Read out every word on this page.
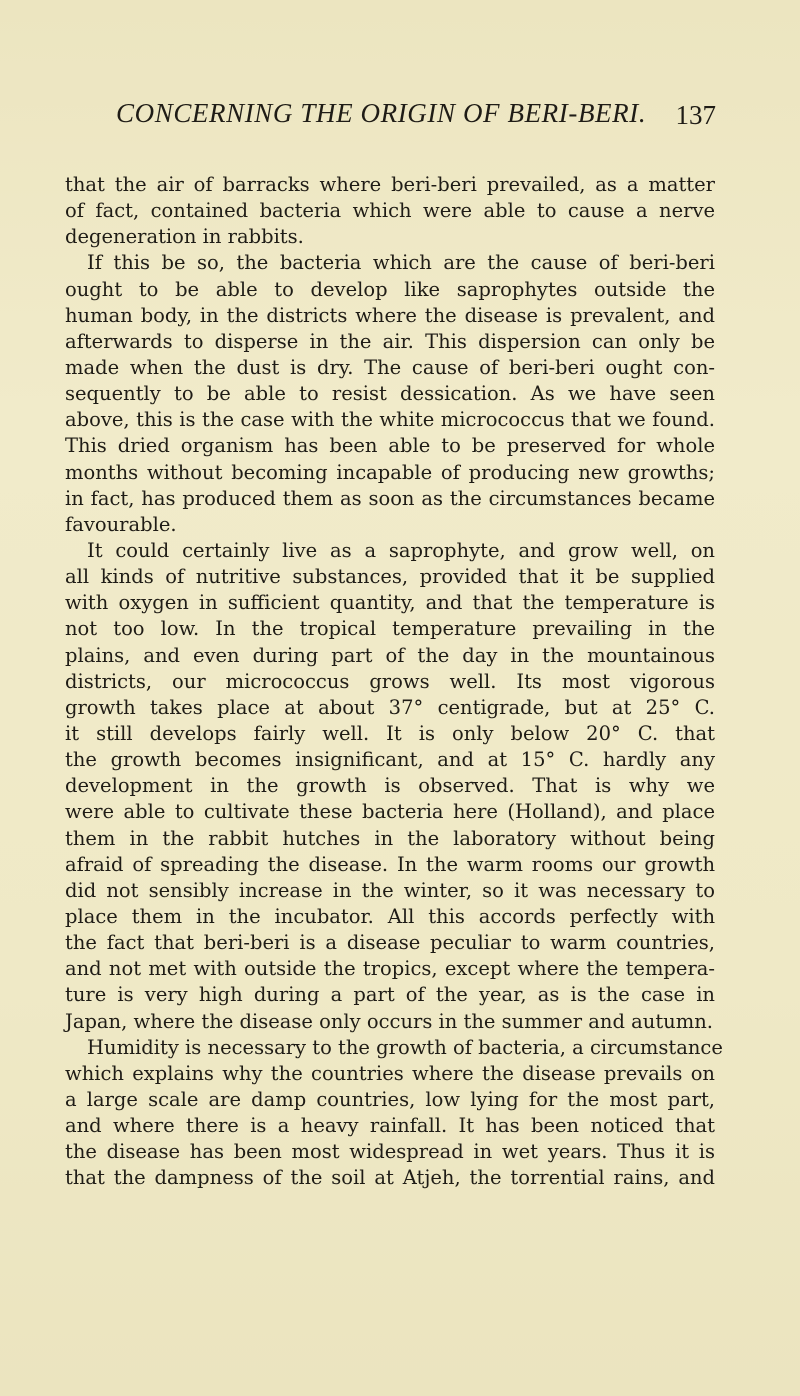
CONCERNING THE ORIGIN OF BERI-BERI. 137
that the air of barracks where beri-beri prevailed, as a matter
of fact, contained bacteria which were able to cause a nerve
degeneration in rabbits.
If this be so, the bacteria which are the cause of beri-beri
ought to be able to develop like saprophytes outside the
human body, in the districts where the disease is prevalent, and
afterwards to disperse in the air. This dispersion can only be
made when the dust is dry. The cause of beri-beri ought con-
sequently to be able to resist dessication. As we have seen
above, this is the case with the white micrococcus that we found.
This dried organism has been able to be preserved for whole
months without becoming incapable of producing new growths;
in fact, has produced them as soon as the circumstances became
favourable.
It could certainly live as a saprophyte, and grow well, on
all kinds of nutritive substances, provided that it be supplied
with oxygen in sufficient quantity, and that the temperature is
not too low. In the tropical temperature prevailing in the
plains, and even during part of the day in the mountainous
districts, our micrococcus grows well. Its most vigorous
growth takes place at about 37° centigrade, but at 25° C.
it still develops fairly well. It is only below 20° C. that
the growth becomes insignificant, and at 15° C. hardly any
development in the growth is observed. That is why we
were able to cultivate these bacteria here (Holland), and place
them in the rabbit hutches in the laboratory without being
afraid of spreading the disease. In the warm rooms our growth
did not sensibly increase in the winter, so it was necessary to
place them in the incubator. All this accords perfectly with
the fact that beri-beri is a disease peculiar to warm countries,
and not met with outside the tropics, except where the tempera-
ture is very high during a part of the year, as is the case in
Japan, where the disease only occurs in the summer and autumn.
Humidity is necessary to the growth of bacteria, a circumstance
which explains why the countries where the disease prevails on
a large scale are damp countries, low lying for the most part,
and where there is a heavy rainfall. It has been noticed that
the disease has been most widespread in wet years. Thus it is
that the dampness of the soil at Atjeh, the torrential rains, and
